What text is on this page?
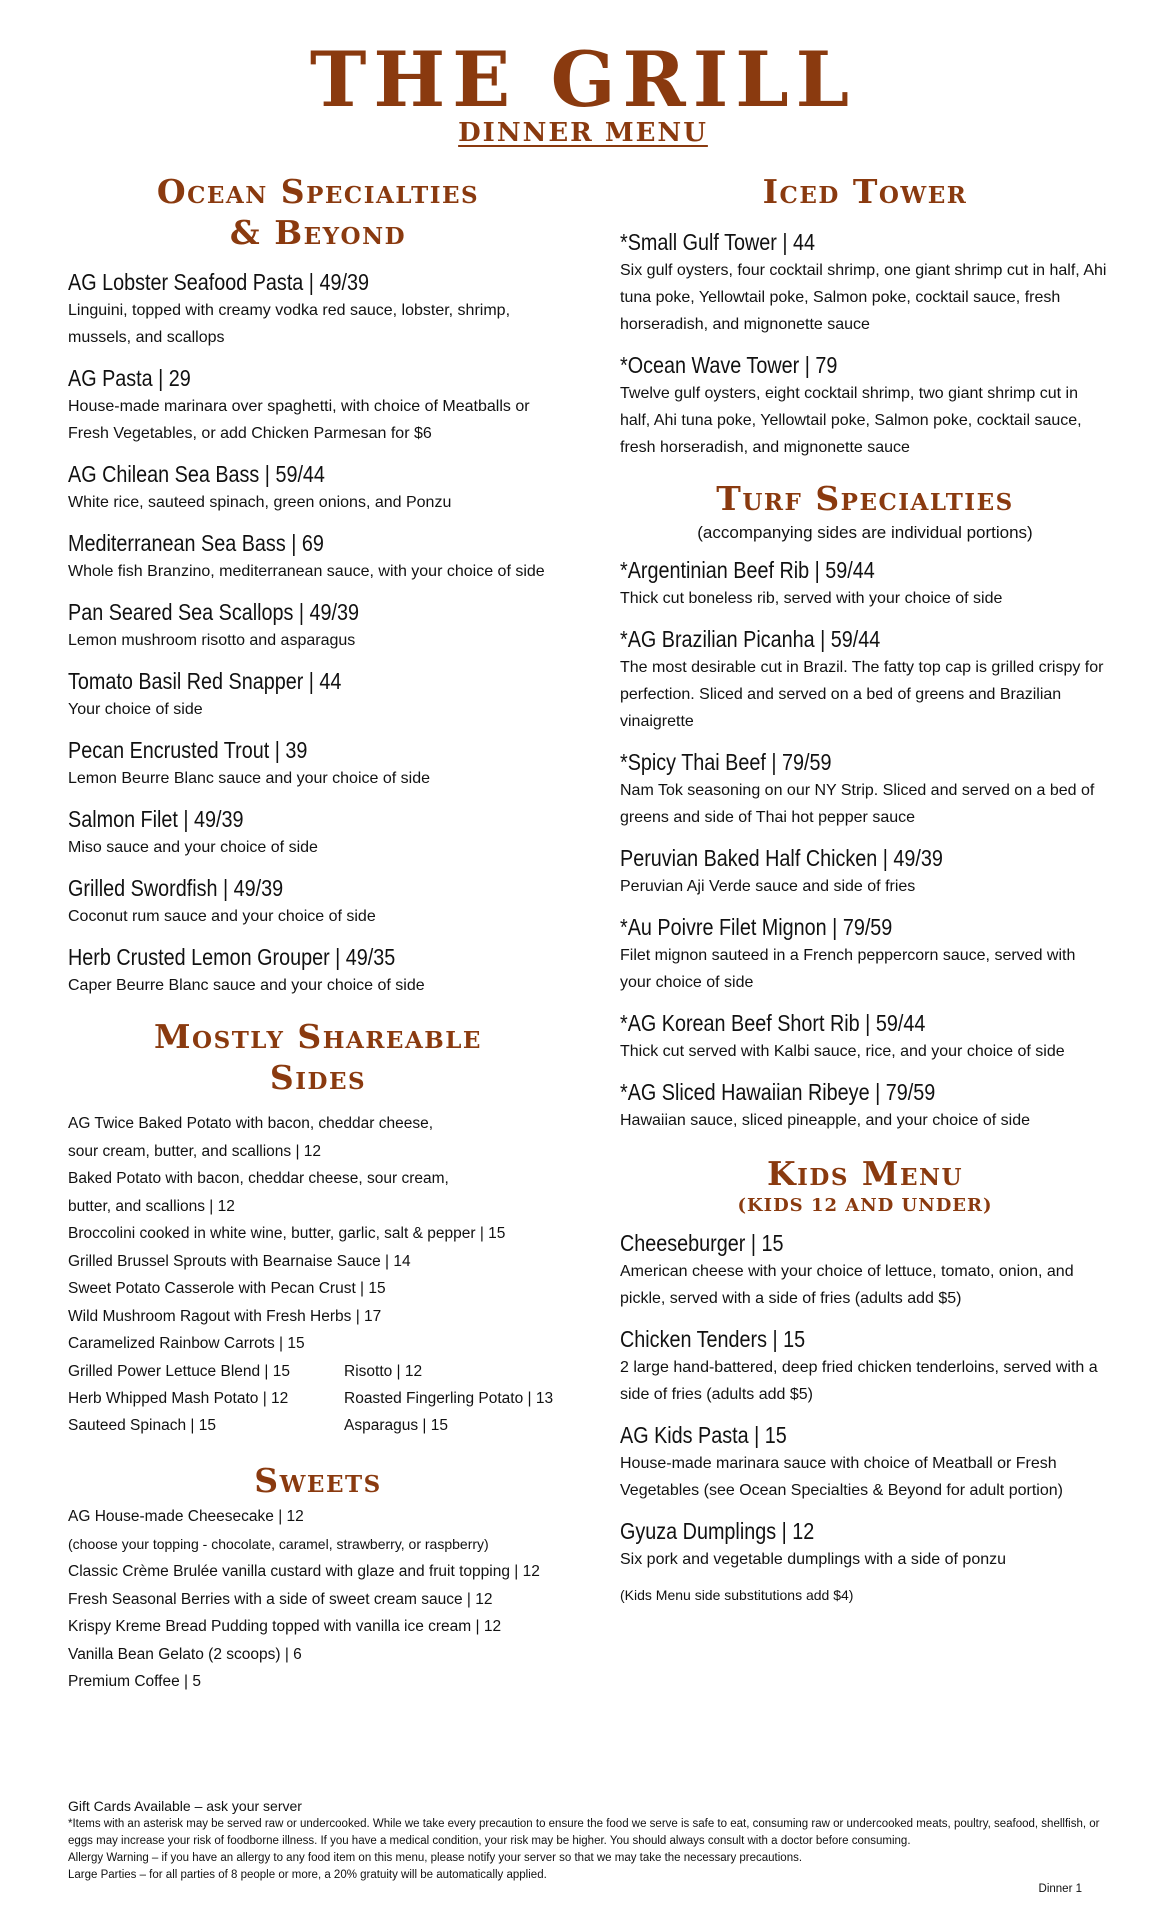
THE GRILL
DINNER MENU
Ocean Specialties
& Beyond
AG Lobster Seafood Pasta | 49/39
Linguini, topped with creamy vodka red sauce, lobster, shrimp, mussels, and scallops
AG Pasta | 29
House-made marinara over spaghetti, with choice of Meatballs or Fresh Vegetables, or add Chicken Parmesan for $6
AG Chilean Sea Bass | 59/44
White rice, sauteed spinach, green onions, and Ponzu
Mediterranean Sea Bass | 69
Whole fish Branzino, mediterranean sauce, with your choice of side
Pan Seared Sea Scallops | 49/39
Lemon mushroom risotto and asparagus
Tomato Basil Red Snapper | 44
Your choice of side
Pecan Encrusted Trout | 39
Lemon Beurre Blanc sauce and your choice of side
Salmon Filet | 49/39
Miso sauce and your choice of side
Grilled Swordfish | 49/39
Coconut rum sauce and your choice of side
Herb Crusted Lemon Grouper | 49/35
Caper Beurre Blanc sauce and your choice of side
Mostly Shareable
Sides
AG Twice Baked Potato with bacon, cheddar cheese,
sour cream, butter, and scallions | 12
Baked Potato with bacon, cheddar cheese, sour cream,
butter, and scallions | 12
Broccolini cooked in white wine, butter, garlic, salt & pepper | 15
Grilled Brussel Sprouts with Bearnaise Sauce | 14
Sweet Potato Casserole with Pecan Crust | 15
Wild Mushroom Ragout with Fresh Herbs | 17
Caramelized Rainbow Carrots | 15
Grilled Power Lettuce Blend | 15	Risotto | 12
Herb Whipped Mash Potato | 12	Roasted Fingerling Potato | 13
Sauteed Spinach | 15	Asparagus | 15
Sweets
AG House-made Cheesecake | 12
(choose your topping - chocolate, caramel, strawberry, or raspberry)
Classic Crème Brulée vanilla custard with glaze and fruit topping | 12
Fresh Seasonal Berries with a side of sweet cream sauce | 12
Krispy Kreme Bread Pudding topped with vanilla ice cream | 12
Vanilla Bean Gelato (2 scoops) | 6
Premium Coffee | 5
Iced Tower
*Small Gulf Tower | 44
Six gulf oysters, four cocktail shrimp, one giant shrimp cut in half, Ahi tuna poke, Yellowtail poke, Salmon poke, cocktail sauce, fresh horseradish, and mignonette sauce
*Ocean Wave Tower | 79
Twelve gulf oysters, eight cocktail shrimp, two giant shrimp cut in half, Ahi tuna poke, Yellowtail poke, Salmon poke, cocktail sauce, fresh horseradish, and mignonette sauce
Turf Specialties
(accompanying sides are individual portions)
*Argentinian Beef Rib | 59/44
Thick cut boneless rib, served with your choice of side
*AG Brazilian Picanha | 59/44
The most desirable cut in Brazil. The fatty top cap is grilled crispy for perfection. Sliced and served on a bed of greens and Brazilian vinaigrette
*Spicy Thai Beef | 79/59
Nam Tok seasoning on our NY Strip. Sliced and served on a bed of greens and side of Thai hot pepper sauce
Peruvian Baked Half Chicken | 49/39
Peruvian Aji Verde sauce and side of fries
*Au Poivre Filet Mignon | 79/59
Filet mignon sauteed in a French peppercorn sauce, served with your choice of side
*AG Korean Beef Short Rib | 59/44
Thick cut served with Kalbi sauce, rice, and your choice of side
*AG Sliced Hawaiian Ribeye | 79/59
Hawaiian sauce, sliced pineapple, and your choice of side
Kids Menu
(KIDS 12 AND UNDER)
Cheeseburger | 15
American cheese with your choice of lettuce, tomato, onion, and pickle, served with a side of fries (adults add $5)
Chicken Tenders | 15
2 large hand-battered, deep fried chicken tenderloins, served with a side of fries (adults add $5)
AG Kids Pasta | 15
House-made marinara sauce with choice of Meatball or Fresh Vegetables (see Ocean Specialties & Beyond for adult portion)
Gyuza Dumplings | 12
Six pork and vegetable dumplings with a side of ponzu
(Kids Menu side substitutions add $4)
Gift Cards Available – ask your server
*Items with an asterisk may be served raw or undercooked. While we take every precaution to ensure the food we serve is safe to eat, consuming raw or undercooked meats, poultry, seafood, shellfish, or eggs may increase your risk of foodborne illness. If you have a medical condition, your risk may be higher. You should always consult with a doctor before consuming.
Allergy Warning – if you have an allergy to any food item on this menu, please notify your server so that we may take the necessary precautions.
Large Parties – for all parties of 8 people or more, a 20% gratuity will be automatically applied.
Dinner 1
